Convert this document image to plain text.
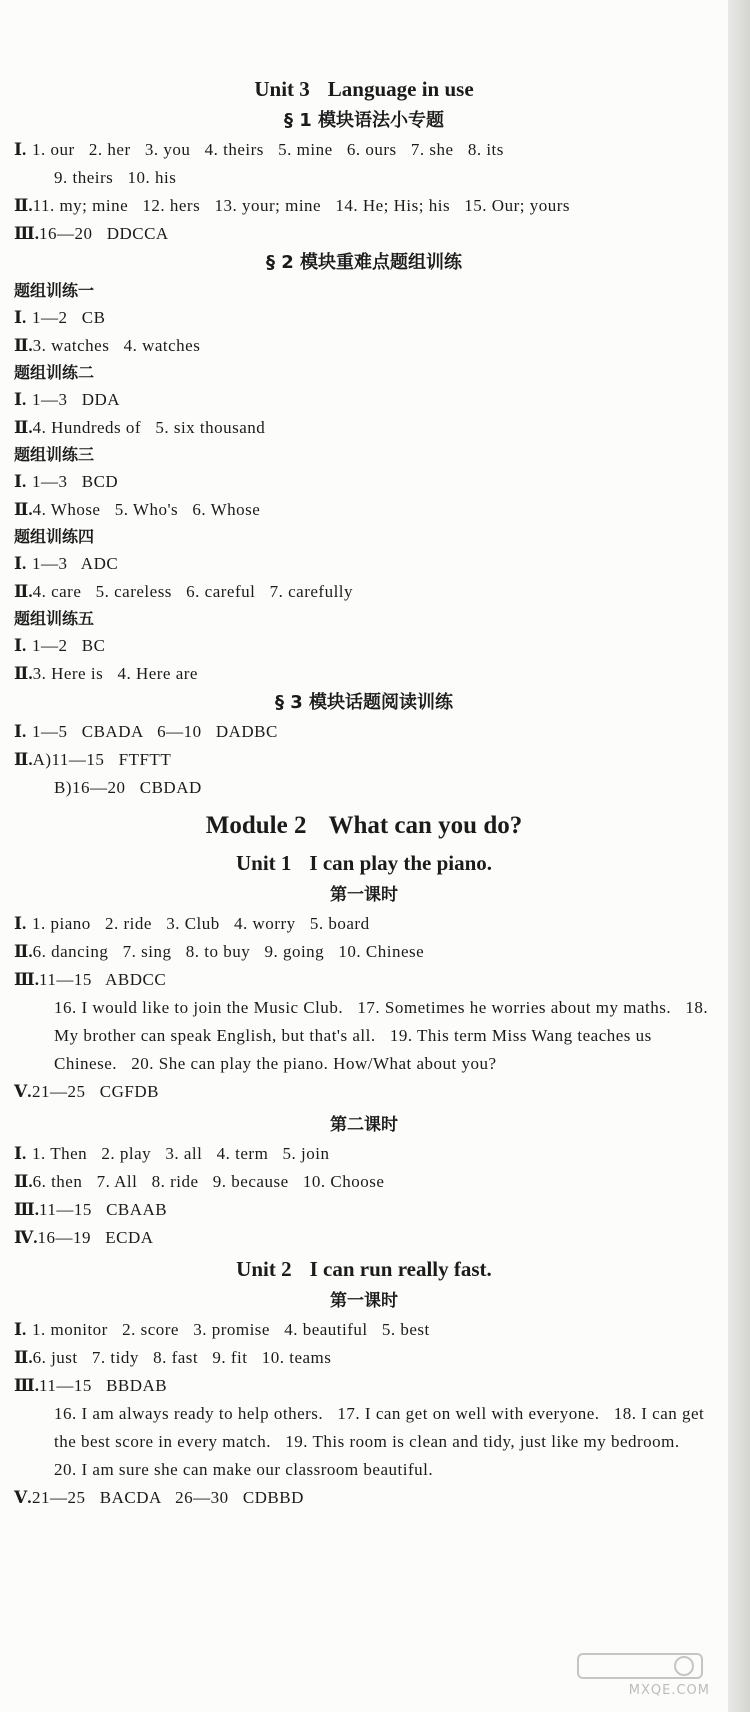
Unit 3 Language in use
§ 1 模块语法小专题
Ⅰ. 1. our   2. her   3. you   4. theirs   5. mine   6. ours   7. she   8. its
9. theirs   10. his
Ⅱ.11. my; mine   12. hers   13. your; mine   14. He; His; his   15. Our; yours
Ⅲ.16—20   DDCCA
§ 2 模块重难点题组训练
题组训练一
Ⅰ. 1—2   CB
Ⅱ.3. watches   4. watches
题组训练二
Ⅰ. 1—3   DDA
Ⅱ.4. Hundreds of   5. six thousand
题组训练三
Ⅰ. 1—3   BCD
Ⅱ.4. Whose   5. Who's   6. Whose
题组训练四
Ⅰ. 1—3   ADC
Ⅱ.4. care   5. careless   6. careful   7. carefully
题组训练五
Ⅰ. 1—2   BC
Ⅱ.3. Here is   4. Here are
§ 3 模块话题阅读训练
Ⅰ. 1—5   CBADA   6—10   DADBC
Ⅱ.A)11—15   FTFTT
B)16—20   CBDAD
Module 2 What can you do?
Unit 1 I can play the piano.
第一课时
Ⅰ. 1. piano   2. ride   3. Club   4. worry   5. board
Ⅱ.6. dancing   7. sing   8. to buy   9. going   10. Chinese
Ⅲ.11—15   ABDCC
16. I would like to join the Music Club.   17. Sometimes he worries about my maths.   18. My brother can speak English, but that's all.   19. This term Miss Wang teaches us Chinese.   20. She can play the piano. How/What about you?
Ⅴ.21—25   CGFDB
第二课时
Ⅰ. 1. Then   2. play   3. all   4. term   5. join
Ⅱ.6. then   7. All   8. ride   9. because   10. Choose
Ⅲ.11—15   CBAAB
Ⅳ.16—19   ECDA
Unit 2 I can run really fast.
第一课时
Ⅰ. 1. monitor   2. score   3. promise   4. beautiful   5. best
Ⅱ.6. just   7. tidy   8. fast   9. fit   10. teams
Ⅲ.11—15   BBDAB
16. I am always ready to help others.   17. I can get on well with everyone.   18. I can get the best score in every match.   19. This room is clean and tidy, just like my bedroom.   20. I am sure she can make our classroom beautiful.
Ⅴ.21—25   BACDA   26—30   CDBBD
MXQE.COM
